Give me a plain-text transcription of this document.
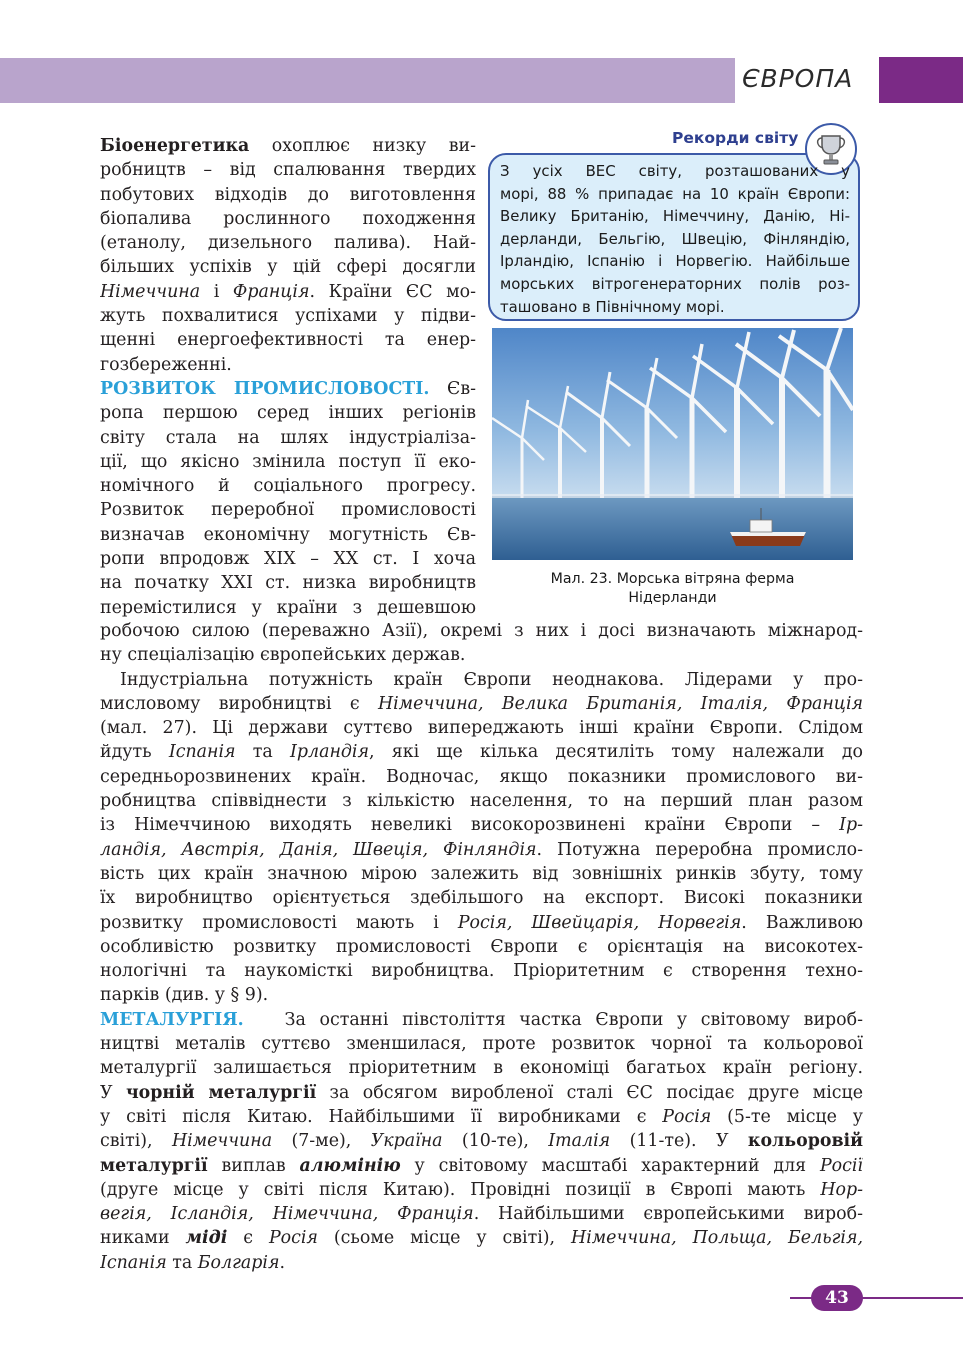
ЄВРОПА
Біоенергетика охоплює низку ви-
робництв – від спалювання твердих
побутових відходів до виготовлення
біопалива рослинного походження
(етанолу, дизельного палива). Най-
більших успіхів у цій сфері досягли
Німеччина і Франція. Країни ЄС мо-
жуть похвалитися успіхами у підви-
щенні енергоефективності та енер-
гозбереженні.
РОЗВИТОК ПРОМИСЛОВОСТІ. Єв-
ропа першою серед інших регіонів
світу стала на шлях індустріаліза-
ції, що якісно змінила поступ її еко-
номічного й соціального прогресу.
Розвиток переробної промисловості
визначав економічну могутність Єв-
ропи впродовж XIX – XX ст. І хоча
на початку XXI ст. низка виробництв
перемістилися у країни з дешевшою
Рекорди світу
З усіх ВЕС світу, розташованих у
морі, 88 % припадає на 10 країн Європи:
Велику Британію, Німеччину, Данію, Ні-
дерланди, Бельгію, Швецію, Фінляндію,
Ірландію, Іспанію і Норвегію. Найбільше
морських вітрогенераторних полів роз-
ташовано в Північному морі.
Мал. 23. Морська вітряна ферма
Нідерланди
робочою силою (переважно Азії), окремі з них і досі визначають міжнарод-
ну спеціалізацію європейських держав.
Індустріальна потужність країн Європи неоднакова. Лідерами у про-
мисловому виробництві є Німеччина, Велика Британія, Італія, Франція
(мал. 27). Ці держави суттєво випереджають інші країни Європи. Слідом
йдуть Іспанія та Ірландія, які ще кілька десятиліть тому належали до
середньорозвинених країн. Водночас, якщо показники промислового ви-
робництва співвіднести з кількістю населення, то на перший план разом
із Німеччиною виходять невеликі високорозвинені країни Європи – Ір-
ландія, Австрія, Данія, Швеція, Фінляндія. Потужна переробна промисло-
вість цих країн значною мірою залежить від зовнішніх ринків збуту, тому
їх виробництво орієнтується здебільшого на експорт. Високі показники
розвитку промисловості мають і Росія, Швейцарія, Норвегія. Важливою
особливістю розвитку промисловості Європи є орієнтація на високотех-
нологічні та наукомісткі виробництва. Пріоритетним є створення техно-
парків (див. у § 9).
МЕТАЛУРГІЯ. За останні півстоліття частка Європи у світовому вироб-
ництві металів суттєво зменшилася, проте розвиток чорної та кольорової
металургії залишається пріоритетним в економіці багатьох країн регіону.
У чорній металургії за обсягом виробленої сталі ЄС посідає друге місце
у світі після Китаю. Найбільшими її виробниками є Росія (5-те місце у
світі), Німеччина (7-ме), Україна (10-те), Італія (11-те). У кольоровій
металургії виплав алюмінію у світовому масштабі характерний для Росії
(друге місце у світі після Китаю). Провідні позиції в Європі мають Нор-
вегія, Ісландія, Німеччина, Франція. Найбільшими європейськими вироб-
никами міді є Росія (сьоме місце у світі), Німеччина, Польща, Бельгія,
Іспанія та Болгарія.
43
